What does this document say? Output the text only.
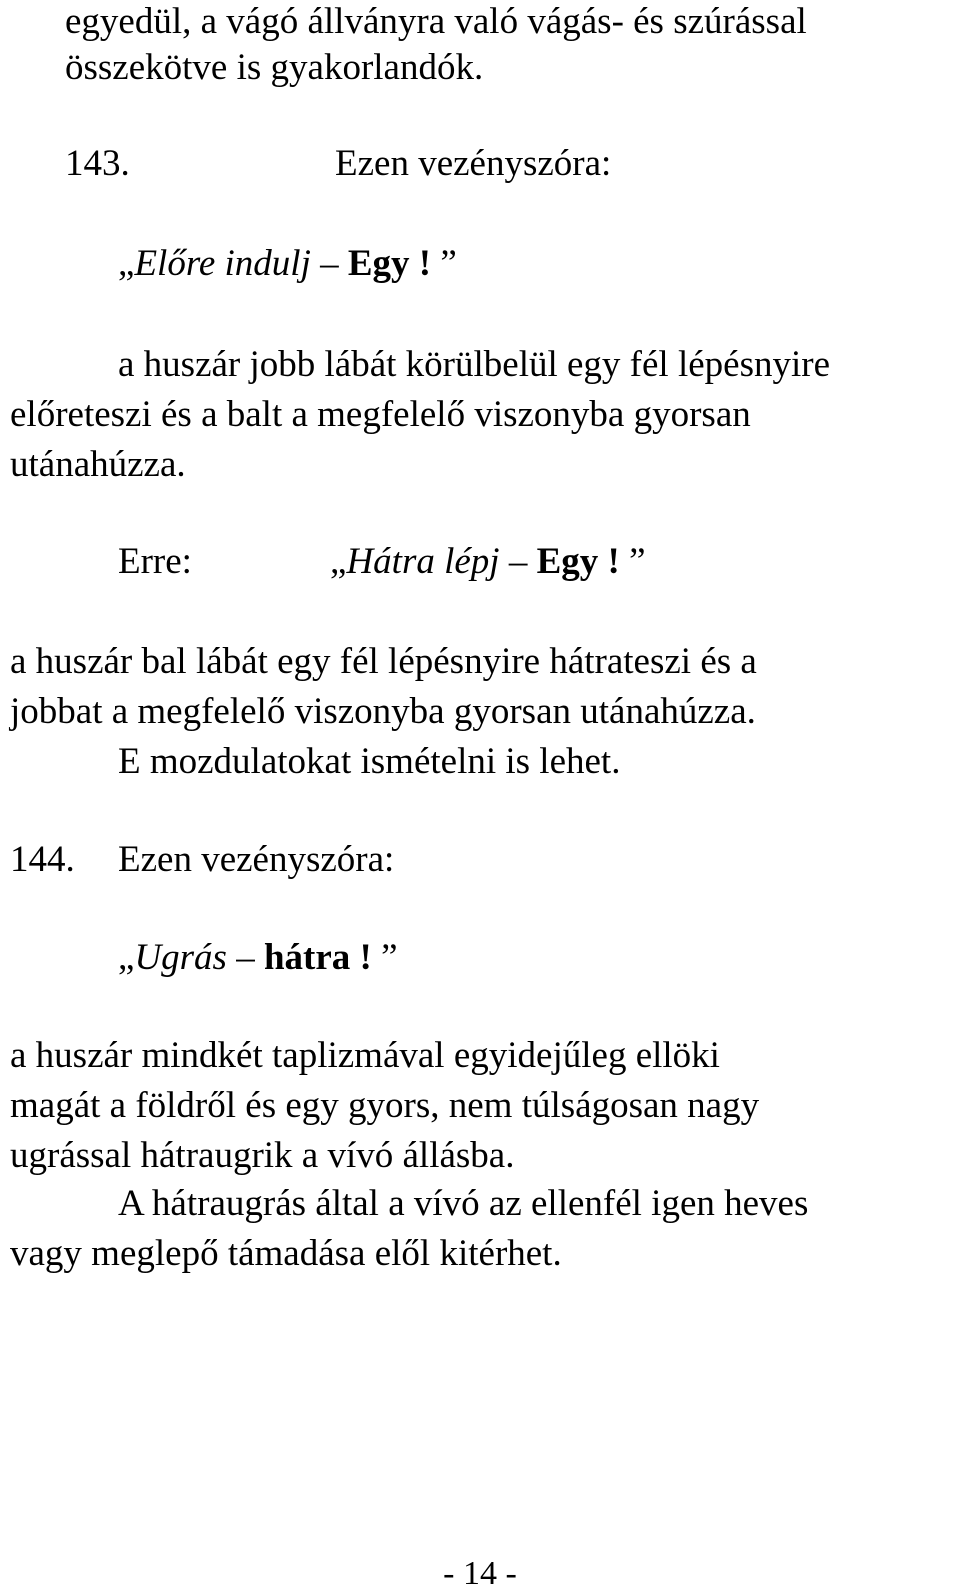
egyedül, a vágó állványra való vágás- és szúrással
összekötve is gyakorlandók.
143.	Ezen vezényszóra:
„Előre indulj – Egy ! ”
a huszár jobb lábát körülbelül egy fél lépésnyire
előreteszi és a balt a megfelelő viszonyba gyorsan
utánahúzza.
Erre:	„Hátra lépj – Egy ! ”
a huszár bal lábát egy fél lépésnyire hátrateszi és a
jobbat a megfelelő viszonyba gyorsan utánahúzza.
E mozdulatokat ismételni is lehet.
144. Ezen vezényszóra:
„Ugrás – hátra ! ”
a huszár mindkét taplizmával egyidejűleg ellöki
magát a földről és egy gyors, nem túlságosan nagy
ugrással hátraugrik a vívó állásba.
A hátraugrás által a vívó az ellenfél igen heves
vagy meglepő támadása elől kitérhet.
- 14 -
